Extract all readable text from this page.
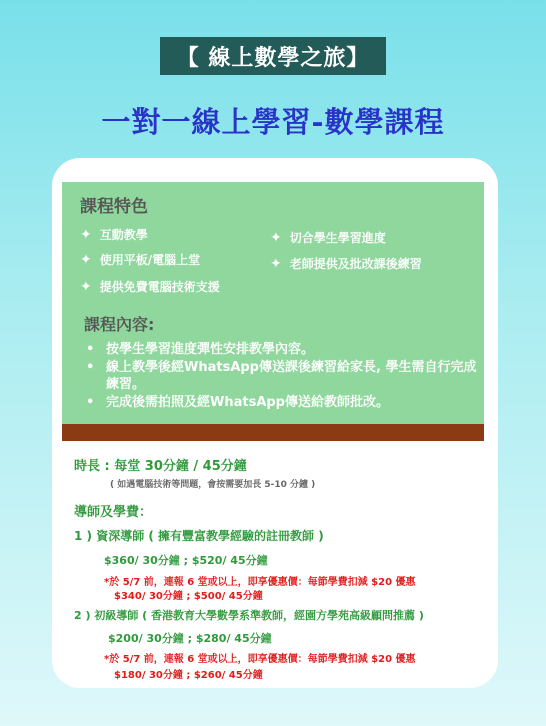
【 線上數學之旅】
一對一線上學習-數學課程
課程特色
✦ 互動教學	✦ 切合學生學習進度
✦ 使用平板/電腦上堂	✦ 老師提供及批改課後練習
✦ 提供免費電腦技術支援
課程內容:
• 按學生學習進度彈性安排教學內容。
• 線上教學後經WhatsApp傳送課後練習給家長, 學生需自行完成練習。
• 完成後需拍照及經WhatsApp傳送給教師批改。
時長 : 每堂 30分鐘 / 45分鐘
( 如遇電腦技術等問題，會按需要加長 5-10 分鐘 )
導師及學費：
1 ) 資深導師 ( 擁有豐富教學經驗的註冊教師 )
$360/ 30分鐘 ; $520/ 45分鐘
*於 5/7 前，連報 6 堂或以上，即享優惠價：每節學費扣減 $20 優惠
$340/ 30分鐘 ; $500/ 45分鐘
2 ) 初級導師 ( 香港教育大學數學系準教師，經園方學苑高級顧問推薦 )
$200/ 30分鐘 ; $280/ 45分鐘
*於 5/7 前，連報 6 堂或以上，即享優惠價：每節學費扣減 $20 優惠
$180/ 30分鐘 ; $260/ 45分鐘
